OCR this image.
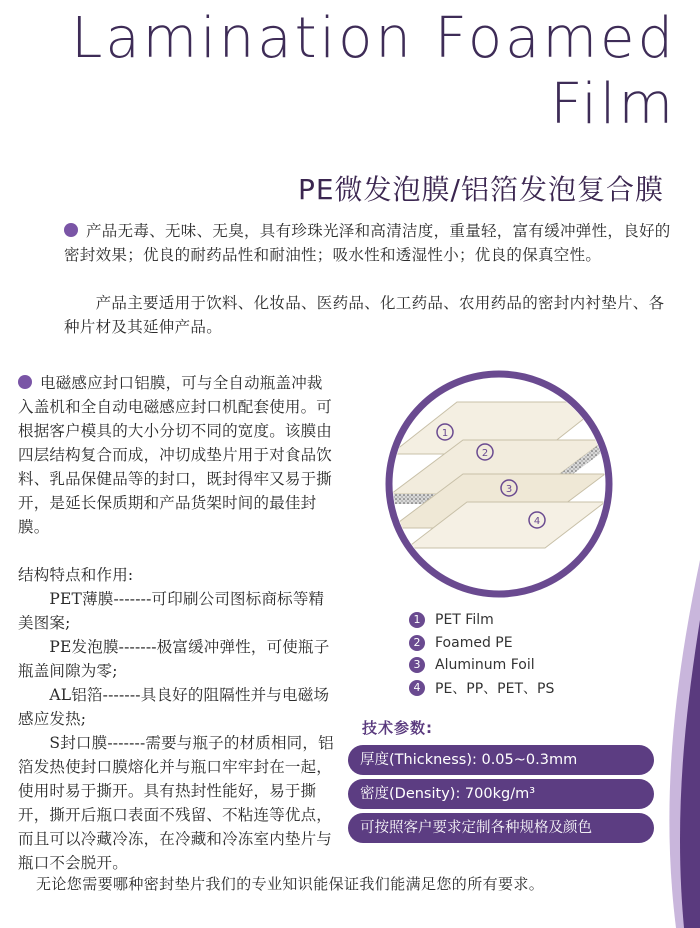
Lamination Foamed
Film
PE微发泡膜/铝箔发泡复合膜
产品无毒、无味、无臭，具有珍珠光泽和高清洁度，重量轻，富有缓冲弹性，良好的密封效果；优良的耐药品性和耐油性；吸水性和透湿性小；优良的保真空性。
　　产品主要适用于饮料、化妆品、医药品、化工药品、农用药品的密封内衬垫片、各种片材及其延伸产品。

电磁感应封口铝膜，可与全自动瓶盖冲裁入盖机和全自动电磁感应封口机配套使用。可根据客户模具的大小分切不同的宽度。该膜由四层结构复合而成，冲切成垫片用于对食品饮料、乳品保健品等的封口，既封得牢又易于撕开，是延长保质期和产品货架时间的最佳封膜。

结构特点和作用:

　　PET薄膜-------可印刷公司图标商标等精美图案;

　　PE发泡膜-------极富缓冲弹性，可使瓶子瓶盖间隙为零;

　　AL铝箔-------具良好的阻隔性并与电磁场感应发热;

　　S封口膜-------需要与瓶子的材质相同，铝箔发热使封口膜熔化并与瓶口牢牢封在一起，使用时易于撕开。具有热封性能好，易于撕开，撕开后瓶口表面不残留、不粘连等优点，而且可以冷藏冷冻，在冷藏和冷冻室内垫片与瓶口不会脱开。

1
2
3
4
1	PET Film
2	Foamed PE
3	Aluminum Foil
4	PE、PP、PET、PS
技术参数:
厚度(Thickness): 0.05~0.3mm
密度(Density): 700kg/m³
可按照客户要求定制各种规格及颜色
无论您需要哪种密封垫片我们的专业知识能保证我们能满足您的所有要求。
